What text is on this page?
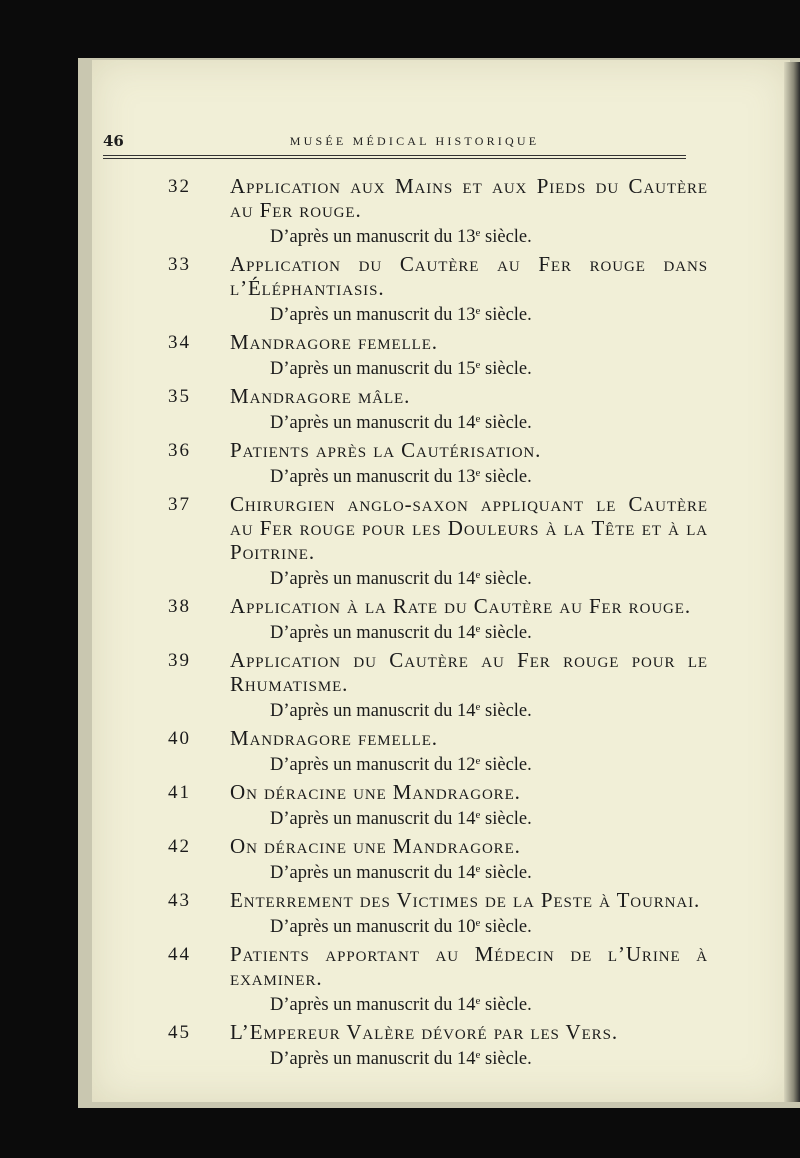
46	MUSÉE MÉDICAL HISTORIQUE
32 Application aux Mains et aux Pieds du Cautère au Fer rouge.

D’après un manuscrit du 13e siècle.

33 Application du Cautère au Fer rouge dans l’Éléphantiasis.

D’après un manuscrit du 13e siècle.

34 Mandragore femelle.

D’après un manuscrit du 15e siècle.

35 Mandragore mâle.

D’après un manuscrit du 14e siècle.

36 Patients après la Cautérisation.

D’après un manuscrit du 13e siècle.

37 Chirurgien anglo-saxon appliquant le Cautère au Fer rouge pour les Douleurs à la Tête et à la Poitrine.

D’après un manuscrit du 14e siècle.

38 Application à la Rate du Cautère au Fer rouge.

D’après un manuscrit du 14e siècle.

39 Application du Cautère au Fer rouge pour le Rhumatisme.

D’après un manuscrit du 14e siècle.

40 Mandragore femelle.

D’après un manuscrit du 12e siècle.

41 On déracine une Mandragore.

D’après un manuscrit du 14e siècle.

42 On déracine une Mandragore.

D’après un manuscrit du 14e siècle.

43 Enterrement des Victimes de la Peste à Tournai.

D’après un manuscrit du 10e siècle.

44 Patients apportant au Médecin de l’Urine à examiner.

D’après un manuscrit du 14e siècle.

45 L’Empereur Valère dévoré par les Vers.

D’après un manuscrit du 14e siècle.
